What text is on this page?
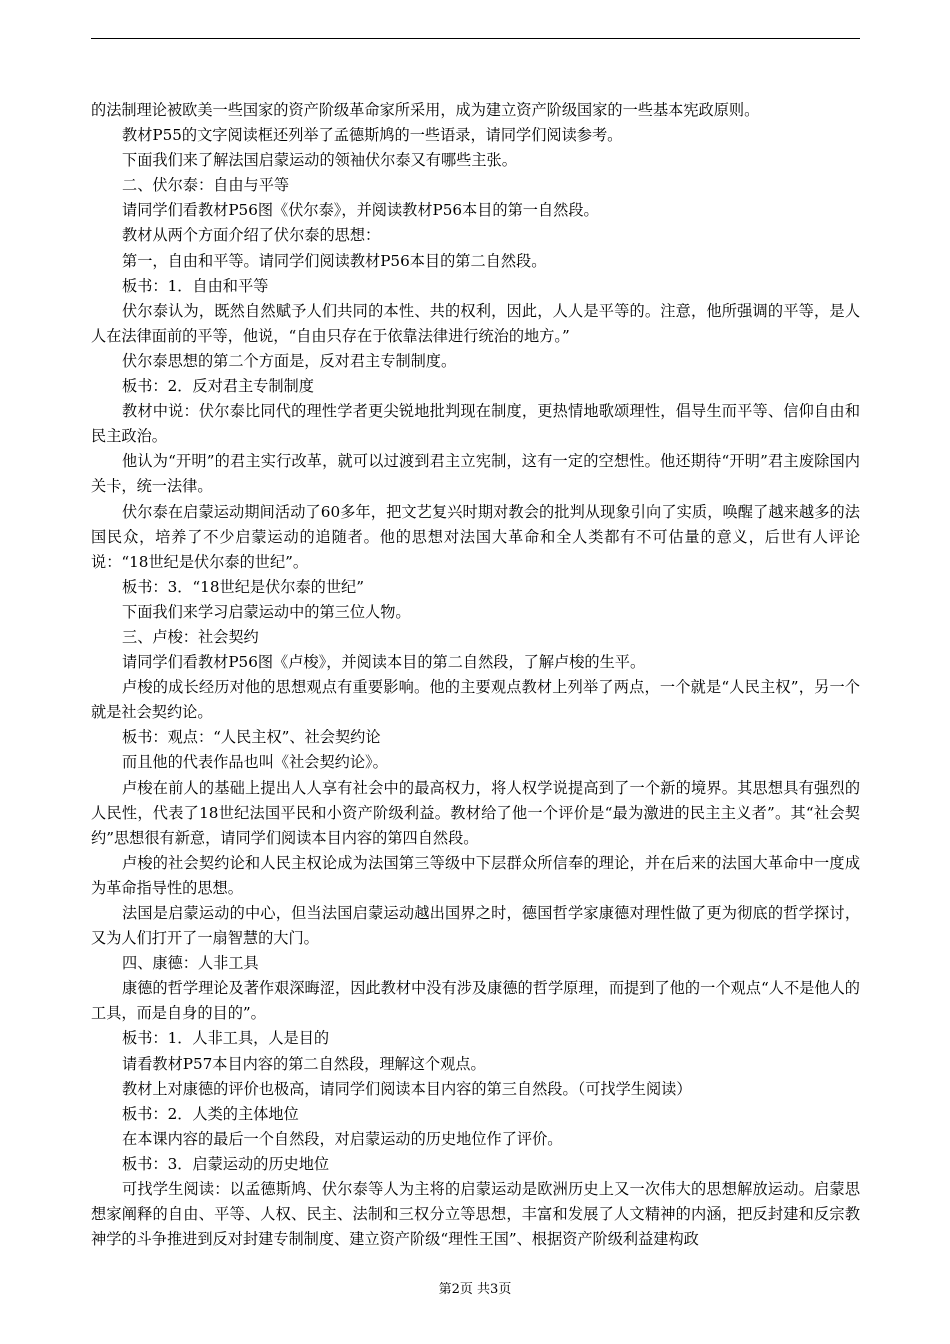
的法制理论被欧美一些国家的资产阶级革命家所采用，成为建立资产阶级国家的一些基本宪政原则。

教材P55的文字阅读框还列举了孟德斯鸠的一些语录，请同学们阅读参考。

下面我们来了解法国启蒙运动的领袖伏尔泰又有哪些主张。

二、伏尔泰：自由与平等

请同学们看教材P56图《伏尔泰》，并阅读教材P56本目的第一自然段。

教材从两个方面介绍了伏尔泰的思想：

第一，自由和平等。请同学们阅读教材P56本目的第二自然段。

板书：1．自由和平等

伏尔泰认为，既然自然赋予人们共同的本性、共的权利，因此，人人是平等的。注意，他所强调的平等，是人人在法律面前的平等，他说，“自由只存在于依靠法律进行统治的地方。”

伏尔泰思想的第二个方面是，反对君主专制制度。

板书：2．反对君主专制制度

教材中说：伏尔泰比同代的理性学者更尖锐地批判现在制度，更热情地歌颂理性，倡导生而平等、信仰自由和民主政治。

他认为“开明”的君主实行改革，就可以过渡到君主立宪制，这有一定的空想性。他还期待“开明”君主废除国内关卡，统一法律。

伏尔泰在启蒙运动期间活动了60多年，把文艺复兴时期对教会的批判从现象引向了实质，唤醒了越来越多的法国民众，培养了不少启蒙运动的追随者。他的思想对法国大革命和全人类都有不可估量的意义，后世有人评论说：“18世纪是伏尔泰的世纪”。

板书：3．“18世纪是伏尔泰的世纪”

下面我们来学习启蒙运动中的第三位人物。

三、卢梭：社会契约

请同学们看教材P56图《卢梭》，并阅读本目的第二自然段，了解卢梭的生平。

卢梭的成长经历对他的思想观点有重要影响。他的主要观点教材上列举了两点，一个就是“人民主权”，另一个就是社会契约论。

板书：观点：“人民主权”、社会契约论

而且他的代表作品也叫《社会契约论》。

卢梭在前人的基础上提出人人享有社会中的最高权力，将人权学说提高到了一个新的境界。其思想具有强烈的人民性，代表了18世纪法国平民和小资产阶级利益。教材给了他一个评价是“最为激进的民主主义者”。其“社会契约”思想很有新意，请同学们阅读本目内容的第四自然段。

卢梭的社会契约论和人民主权论成为法国第三等级中下层群众所信奉的理论，并在后来的法国大革命中一度成为革命指导性的思想。

法国是启蒙运动的中心，但当法国启蒙运动越出国界之时，德国哲学家康德对理性做了更为彻底的哲学探讨，又为人们打开了一扇智慧的大门。

四、康德：人非工具

康德的哲学理论及著作艰深晦涩，因此教材中没有涉及康德的哲学原理，而提到了他的一个观点“人不是他人的工具，而是自身的目的”。

板书：1．人非工具，人是目的

请看教材P57本目内容的第二自然段，理解这个观点。

教材上对康德的评价也极高，请同学们阅读本目内容的第三自然段。（可找学生阅读）

板书：2．人类的主体地位

在本课内容的最后一个自然段，对启蒙运动的历史地位作了评价。

板书：3．启蒙运动的历史地位

可找学生阅读：以孟德斯鸠、伏尔泰等人为主将的启蒙运动是欧洲历史上又一次伟大的思想解放运动。启蒙思想家阐释的自由、平等、人权、民主、法制和三权分立等思想，丰富和发展了人文精神的内涵，把反封建和反宗教神学的斗争推进到反对封建专制制度、建立资产阶级“理性王国”、根据资产阶级利益建构政

第2页 共3页
